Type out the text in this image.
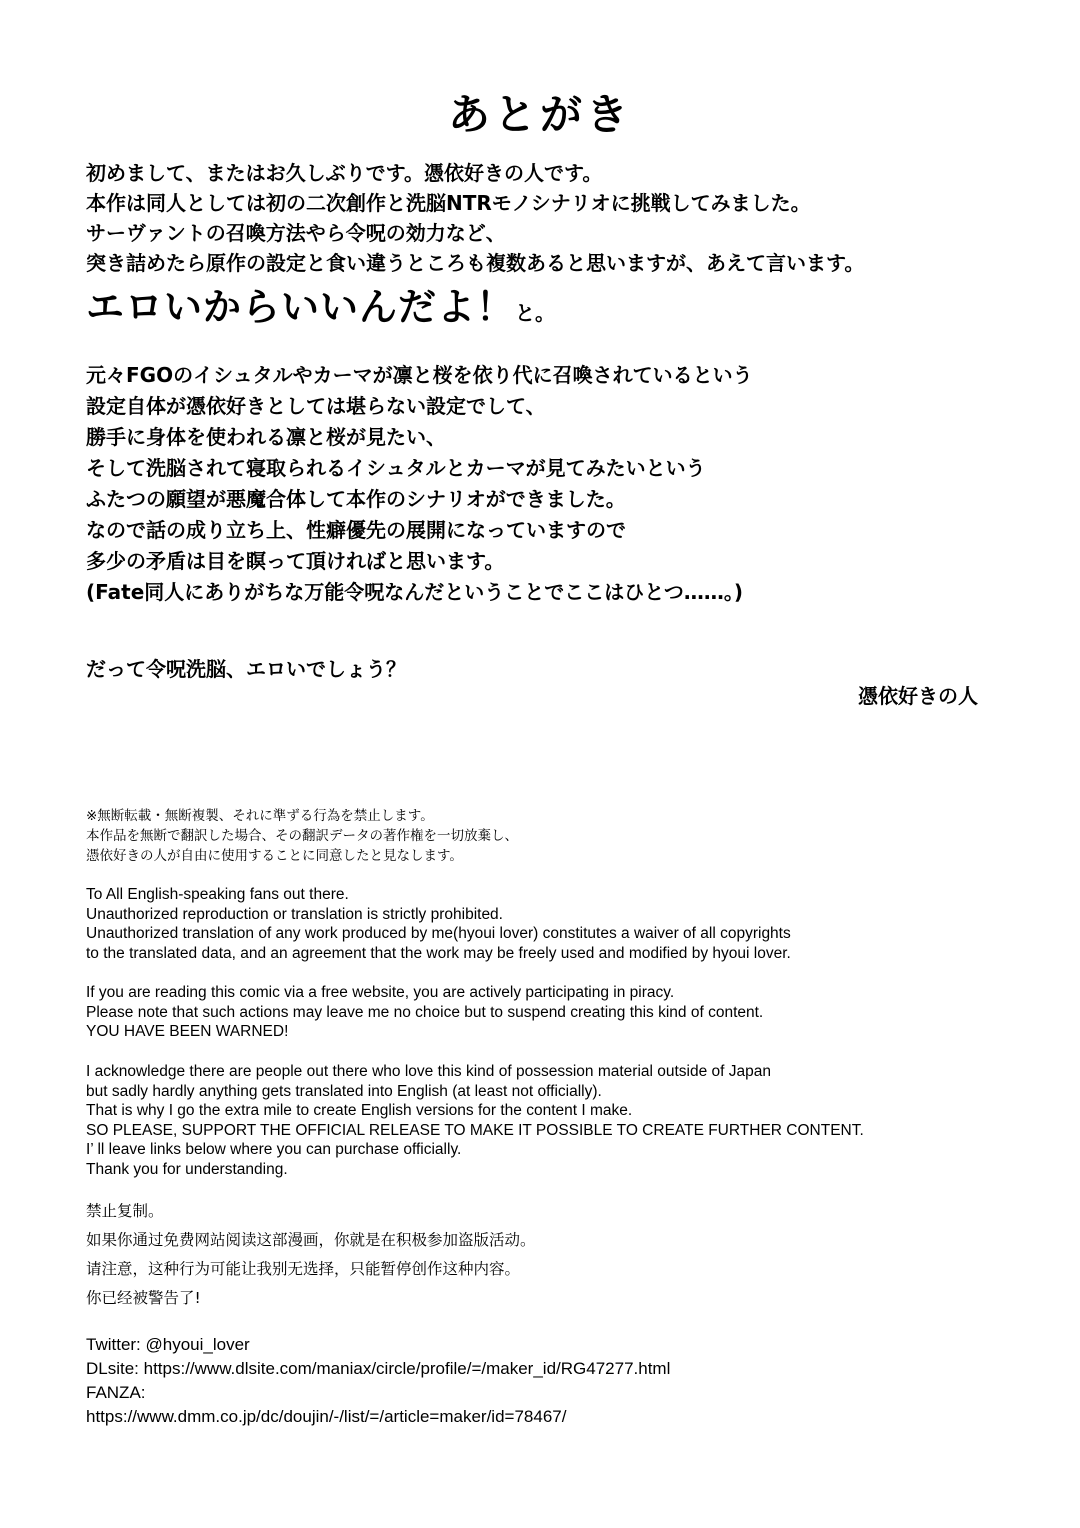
あとがき
初めまして、またはお久しぶりです。憑依好きの人です。
本作は同人としては初の二次創作と洗脳NTRモノシナリオに挑戦してみました。
サーヴァントの召喚方法やら令呪の効力など、
突き詰めたら原作の設定と食い違うところも複数あると思いますが、あえて言います。
エロいからいいんだよ！と。
元々FGOのイシュタルやカーマが凛と桜を依り代に召喚されているという
設定自体が憑依好きとしては堪らない設定でして、
勝手に身体を使われる凛と桜が見たい、
そして洗脳されて寝取られるイシュタルとカーマが見てみたいという
ふたつの願望が悪魔合体して本作のシナリオができました。
なので話の成り立ち上、性癖優先の展開になっていますので
多少の矛盾は目を瞑って頂ければと思います。
(Fate同人にありがちな万能令呪なんだということでここはひとつ……。)
だって令呪洗脳、エロいでしょう？
憑依好きの人
※無断転載・無断複製、それに準ずる行為を禁止します。
本作品を無断で翻訳した場合、その翻訳データの著作権を一切放棄し、
憑依好きの人が自由に使用することに同意したと見なします。
To All English-speaking fans out there.
Unauthorized reproduction or translation is strictly prohibited.
Unauthorized translation of any work produced by me(hyoui lover) constitutes a waiver of all copyrights
to the translated data, and an agreement that the work may be freely used and modified by hyoui lover.
If you are reading this comic via a free website, you are actively participating in piracy.
Please note that such actions may leave me no choice but to suspend creating this kind of content.
YOU HAVE BEEN WARNED!
I acknowledge there are people out there who love this kind of possession material outside of Japan
but sadly hardly anything gets translated into English (at least not officially).
That is why I go the extra mile to create English versions for the content I make.
SO PLEASE, SUPPORT THE OFFICIAL RELEASE TO MAKE IT POSSIBLE TO CREATE FURTHER CONTENT.
I’ ll leave links below where you can purchase officially.
Thank you for understanding.
禁止复制。
如果你通过免费网站阅读这部漫画，你就是在积极参加盗版活动。
请注意，这种行为可能让我别无选择，只能暂停创作这种内容。
你已经被警告了!
Twitter: @hyoui_lover
DLsite: https://www.dlsite.com/maniax/circle/profile/=/maker_id/RG47277.html
FANZA:
https://www.dmm.co.jp/dc/doujin/-/list/=/article=maker/id=78467/
